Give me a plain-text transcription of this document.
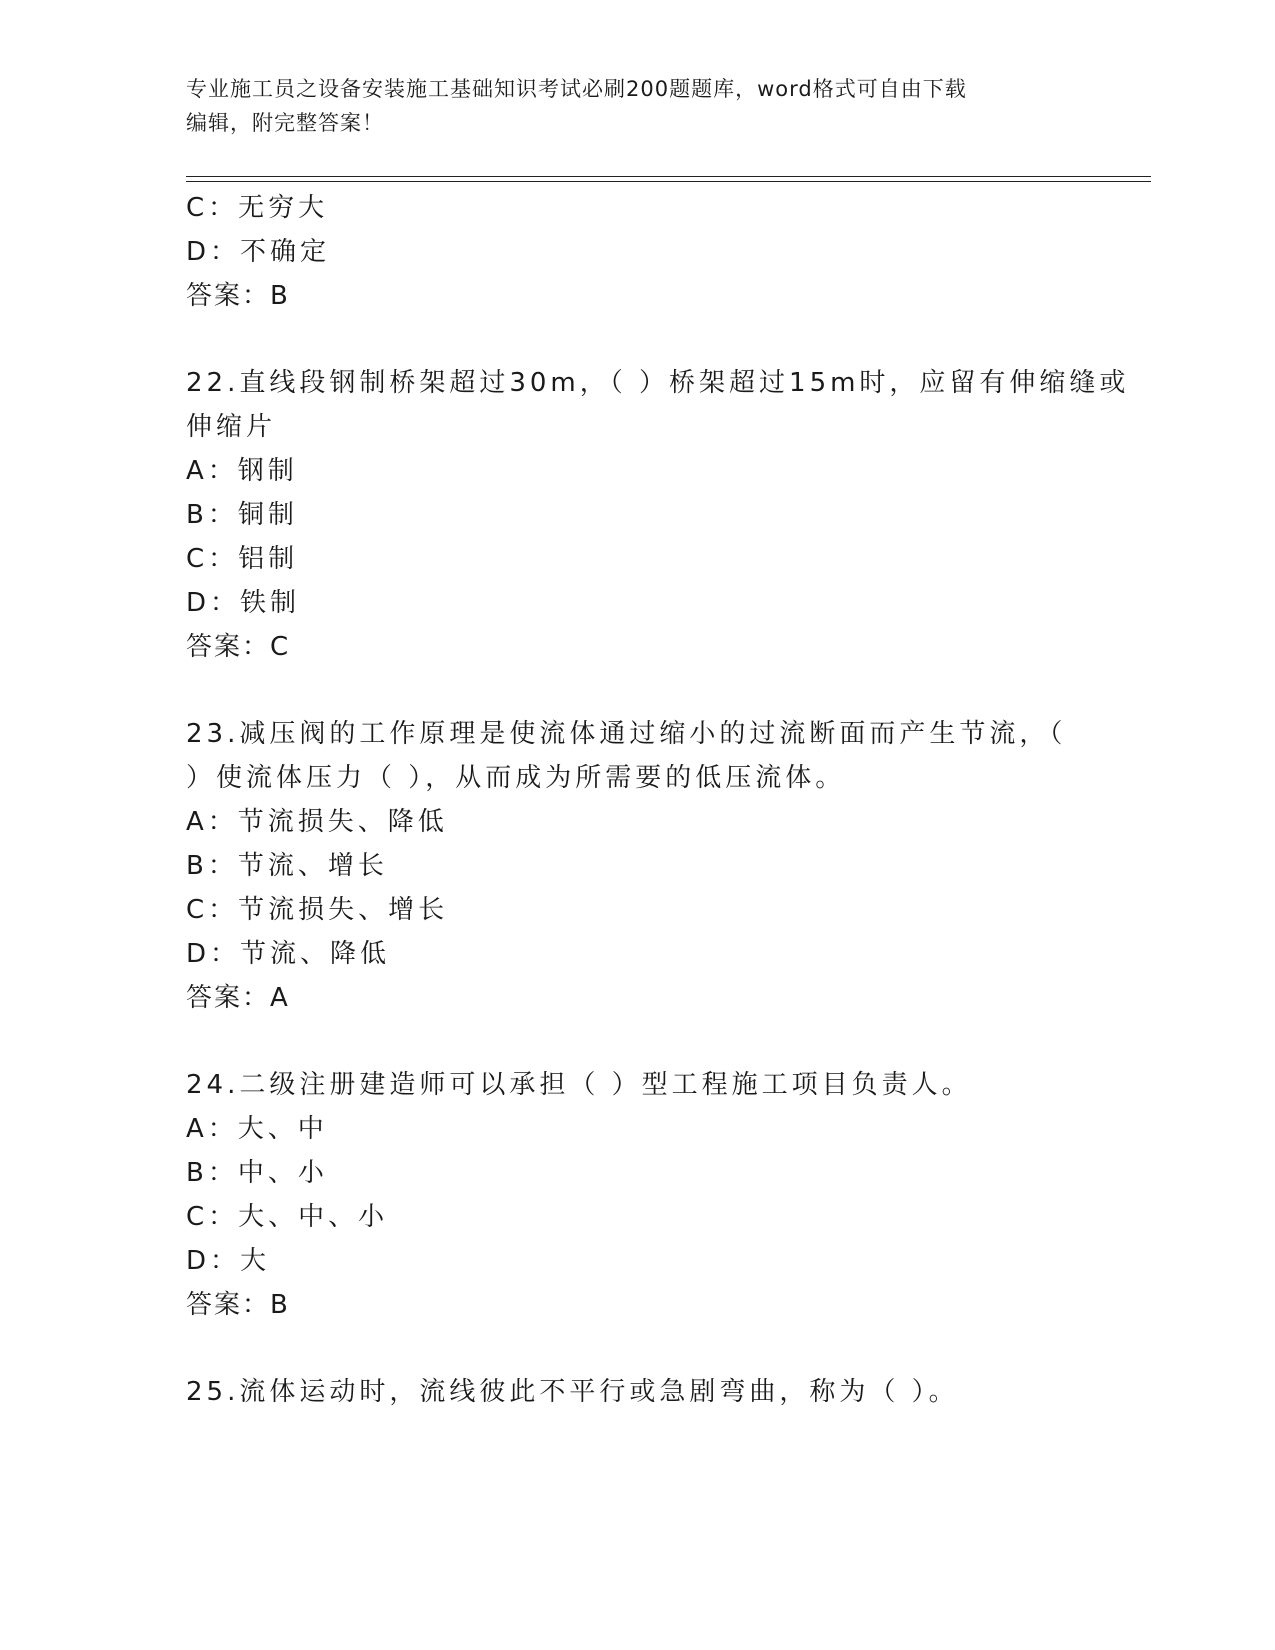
专业施工员之设备安装施工基础知识考试必刷200题题库，word格式可自由下载
编辑，附完整答案！
C：无穷大
D：不确定
答案：B
22.直线段钢制桥架超过30m，（ ）桥架超过15m时，应留有伸缩缝或
伸缩片
A：钢制
B：铜制
C：铝制
D：铁制
答案：C
23.减压阀的工作原理是使流体通过缩小的过流断面而产生节流，（
）使流体压力（ ），从而成为所需要的低压流体。
A：节流损失、降低
B：节流、增长
C：节流损失、增长
D：节流、降低
答案：A
24.二级注册建造师可以承担（ ）型工程施工项目负责人。
A：大、中
B：中、小
C：大、中、小
D：大
答案：B
25.流体运动时，流线彼此不平行或急剧弯曲，称为（ ）。
